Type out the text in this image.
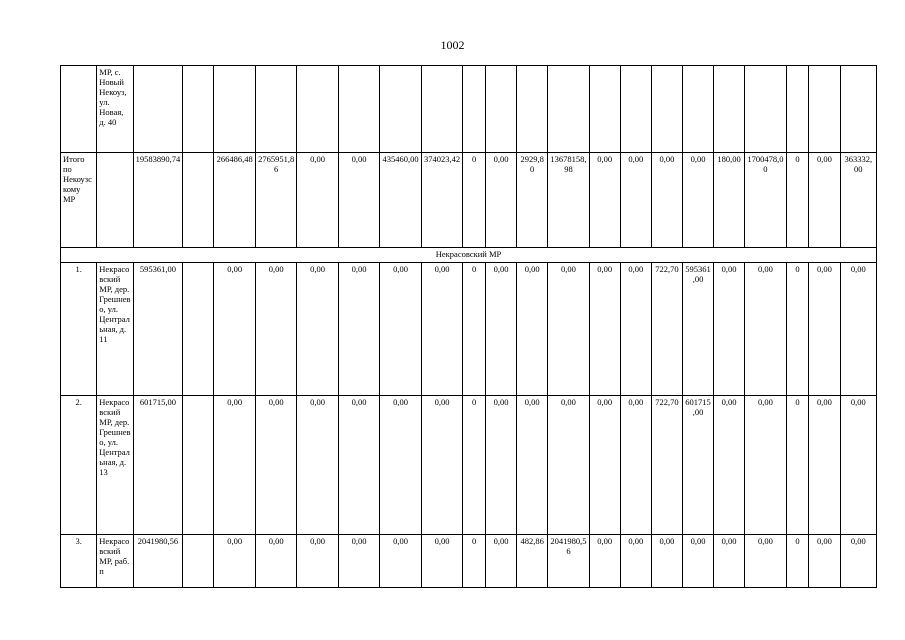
1002
	МР, с. Новый Некоуз, ул. Новая, д. 40																					
Итого по Некоузскому МР		19583890,74		266486,48	2765951,86	0,00	0,00	435460,00	374023,42	0	0,00	2929,80	13678158,98	0,00	0,00	0,00	0,00	180,00	1700478,00	0	0,00	363332,00
Некрасовский МР																						
1.	Некрасовский МР, дер. Грешнево, ул. Центральная, д. 11	595361,00		0,00	0,00	0,00	0,00	0,00	0,00	0	0,00	0,00	0,00	0,00	0,00	722,70	595361,00	0,00	0,00	0	0,00	0,00
2.	Некрасовский МР, дер. Грешнево, ул. Центральная, д. 13	601715,00		0,00	0,00	0,00	0,00	0,00	0,00	0	0,00	0,00	0,00	0,00	0,00	722,70	601715,00	0,00	0,00	0	0,00	0,00
3.	Некрасовский МР, раб. п	2041980,56		0,00	0,00	0,00	0,00	0,00	0,00	0	0,00	482,86	2041980,56	0,00	0,00	0,00	0,00	0,00	0,00	0	0,00	0,00
